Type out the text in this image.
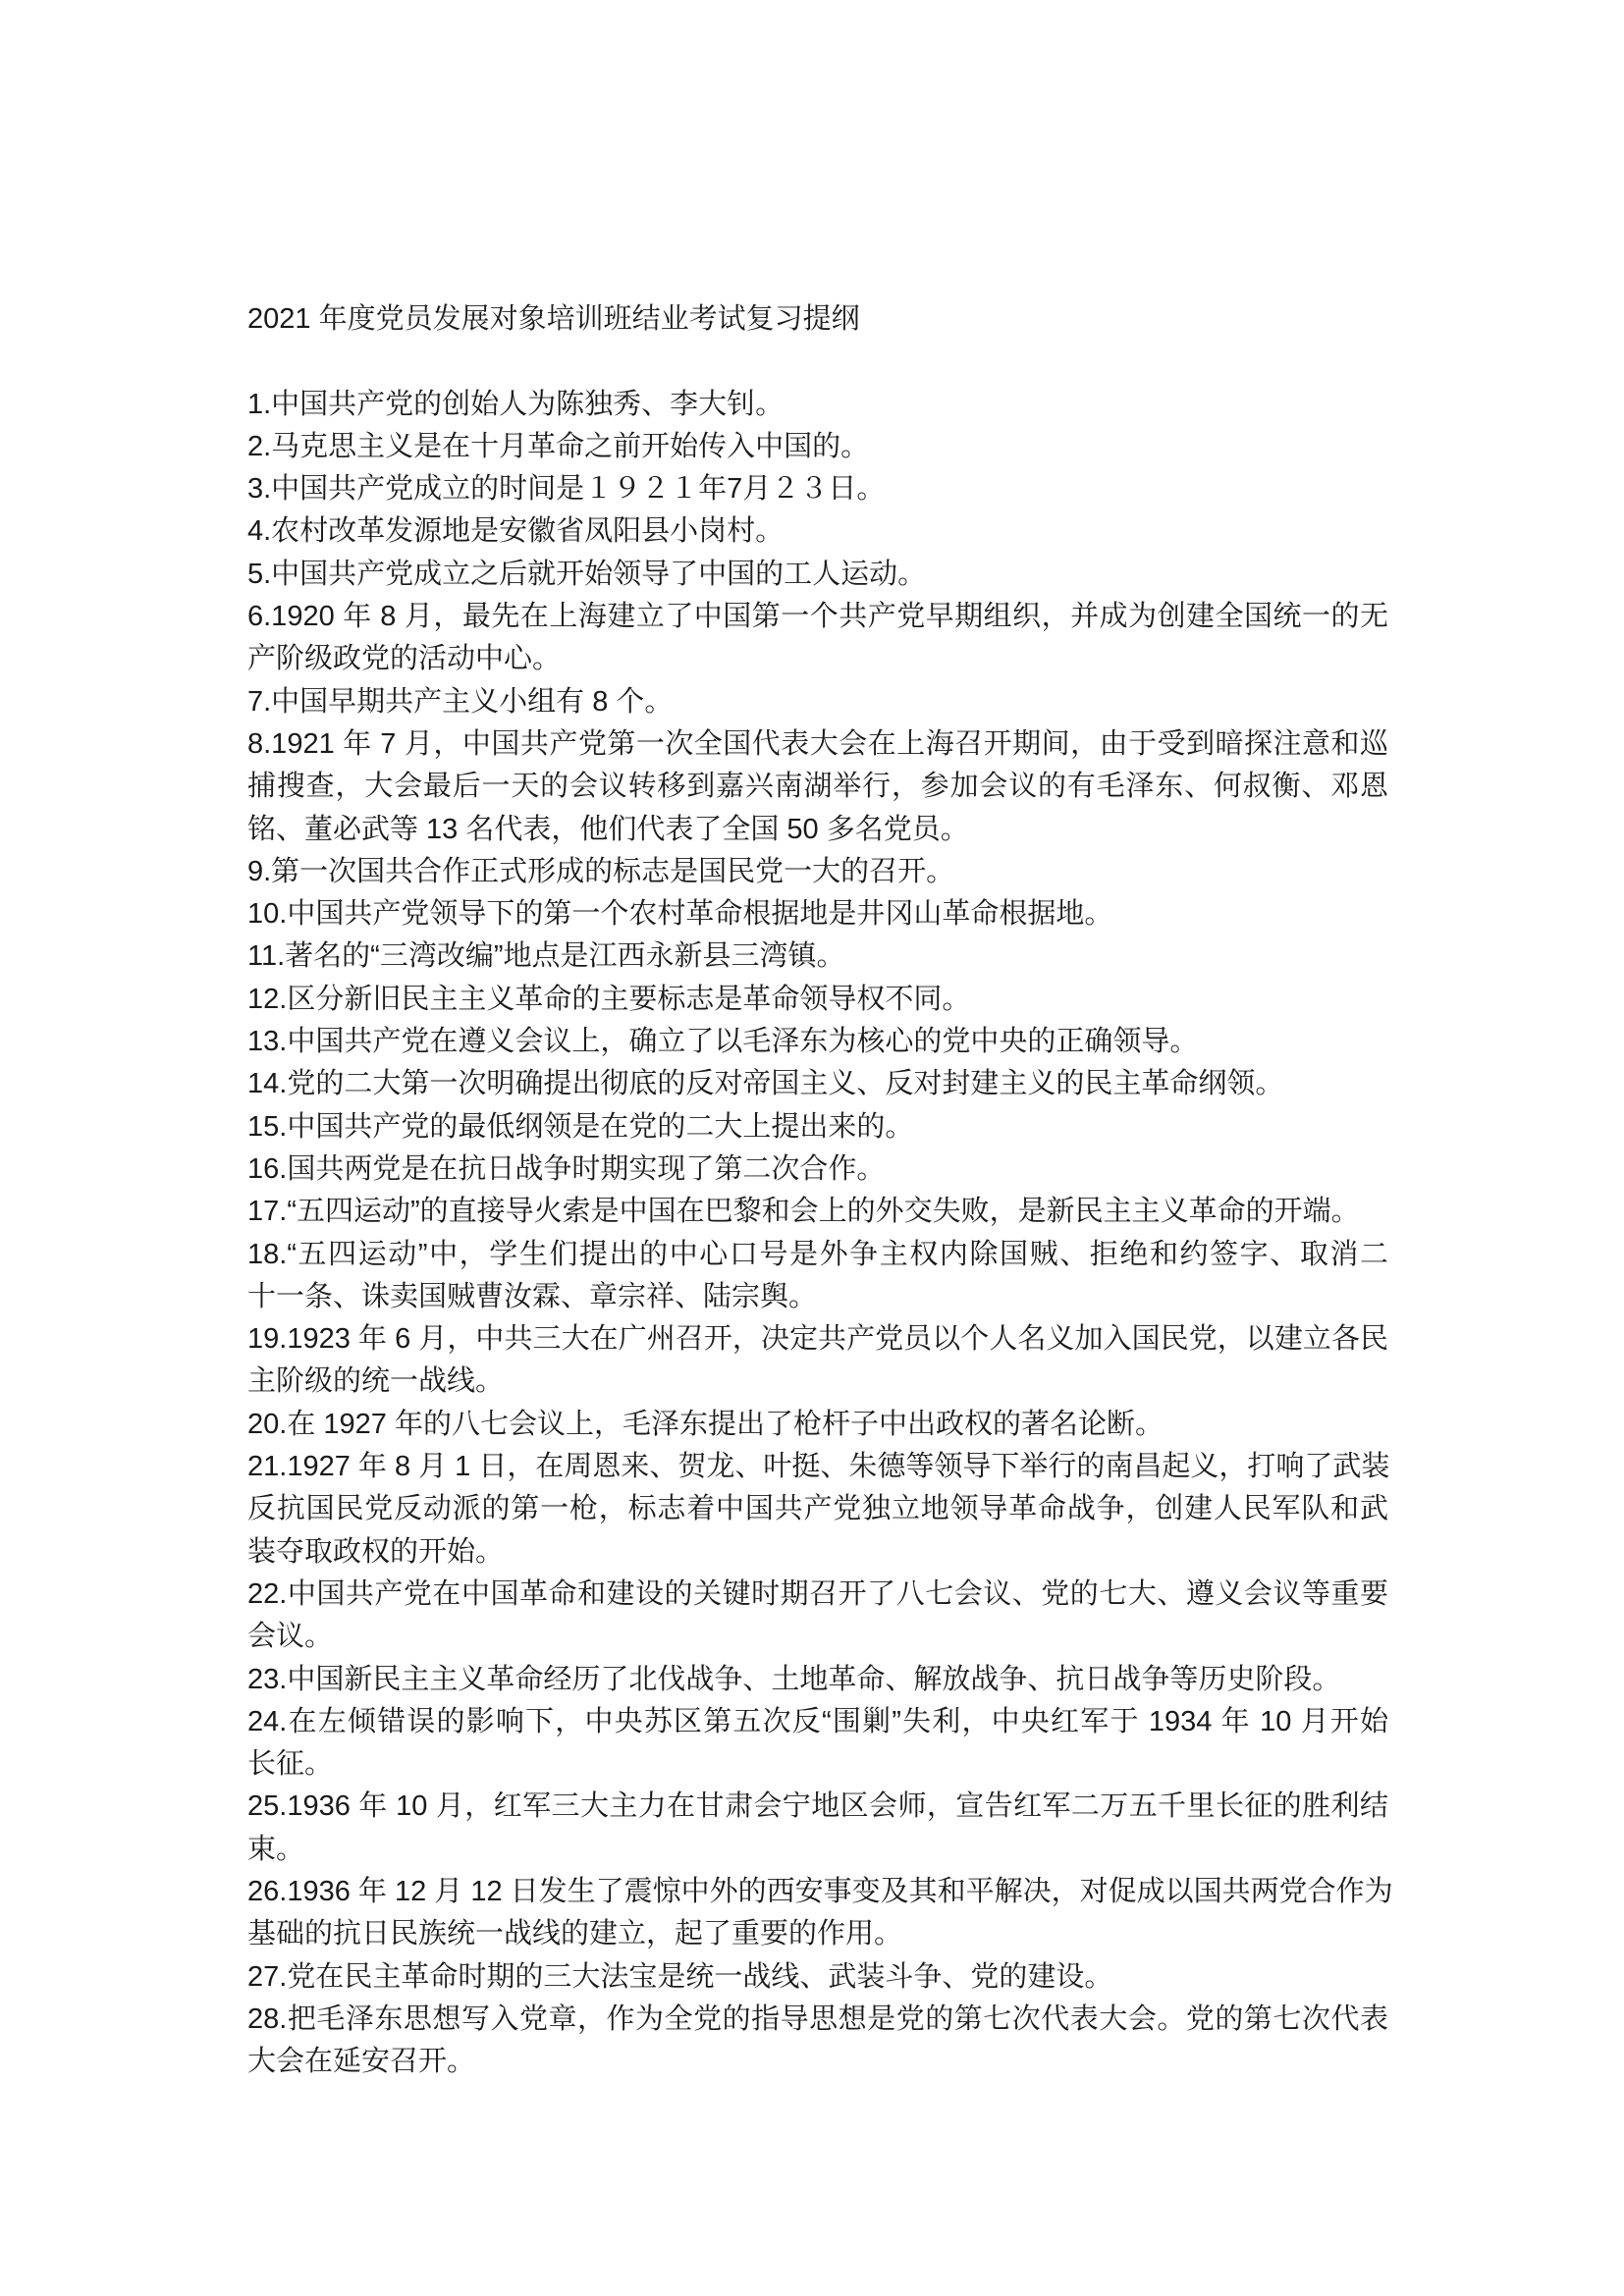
2021 年度党员发展对象培训班结业考试复习提纲
1.中国共产党的创始人为陈独秀、李大钊。
2.马克思主义是在十月革命之前开始传入中国的。
3.中国共产党成立的时间是１９２１年7月２３日。
4.农村改革发源地是安徽省凤阳县小岗村。
5.中国共产党成立之后就开始领导了中国的工人运动。
6.1920 年 8 月，最先在上海建立了中国第一个共产党早期组织，并成为创建全国统一的无
产阶级政党的活动中心。
7.中国早期共产主义小组有 8 个。
8.1921 年 7 月，中国共产党第一次全国代表大会在上海召开期间，由于受到暗探注意和巡
捕搜查，大会最后一天的会议转移到嘉兴南湖举行，参加会议的有毛泽东、何叔衡、邓恩
铭、董必武等 13 名代表，他们代表了全国 50 多名党员。
9.第一次国共合作正式形成的标志是国民党一大的召开。
10.中国共产党领导下的第一个农村革命根据地是井冈山革命根据地。
11.著名的“三湾改编”地点是江西永新县三湾镇。
12.区分新旧民主主义革命的主要标志是革命领导权不同。
13.中国共产党在遵义会议上，确立了以毛泽东为核心的党中央的正确领导。
14.党的二大第一次明确提出彻底的反对帝国主义、反对封建主义的民主革命纲领。
15.中国共产党的最低纲领是在党的二大上提出来的。
16.国共两党是在抗日战争时期实现了第二次合作。
17.“五四运动”的直接导火索是中国在巴黎和会上的外交失败，是新民主主义革命的开端。
18.“五四运动”中，学生们提出的中心口号是外争主权内除国贼、拒绝和约签字、取消二
十一条、诛卖国贼曹汝霖、章宗祥、陆宗舆。
19.1923 年 6 月，中共三大在广州召开，决定共产党员以个人名义加入国民党，以建立各民
主阶级的统一战线。
20.在 1927 年的八七会议上，毛泽东提出了枪杆子中出政权的著名论断。
21.1927 年 8 月 1 日，在周恩来、贺龙、叶挺、朱德等领导下举行的南昌起义，打响了武装
反抗国民党反动派的第一枪，标志着中国共产党独立地领导革命战争，创建人民军队和武
装夺取政权的开始。
22.中国共产党在中国革命和建设的关键时期召开了八七会议、党的七大、遵义会议等重要
会议。
23.中国新民主主义革命经历了北伐战争、土地革命、解放战争、抗日战争等历史阶段。
24.在左倾错误的影响下，中央苏区第五次反“围剿”失利，中央红军于 1934 年 10 月开始
长征。
25.1936 年 10 月，红军三大主力在甘肃会宁地区会师，宣告红军二万五千里长征的胜利结
束。
26.1936 年 12 月 12 日发生了震惊中外的西安事变及其和平解决，对促成以国共两党合作为
基础的抗日民族统一战线的建立，起了重要的作用。
27.党在民主革命时期的三大法宝是统一战线、武装斗争、党的建设。
28.把毛泽东思想写入党章，作为全党的指导思想是党的第七次代表大会。党的第七次代表
大会在延安召开。
